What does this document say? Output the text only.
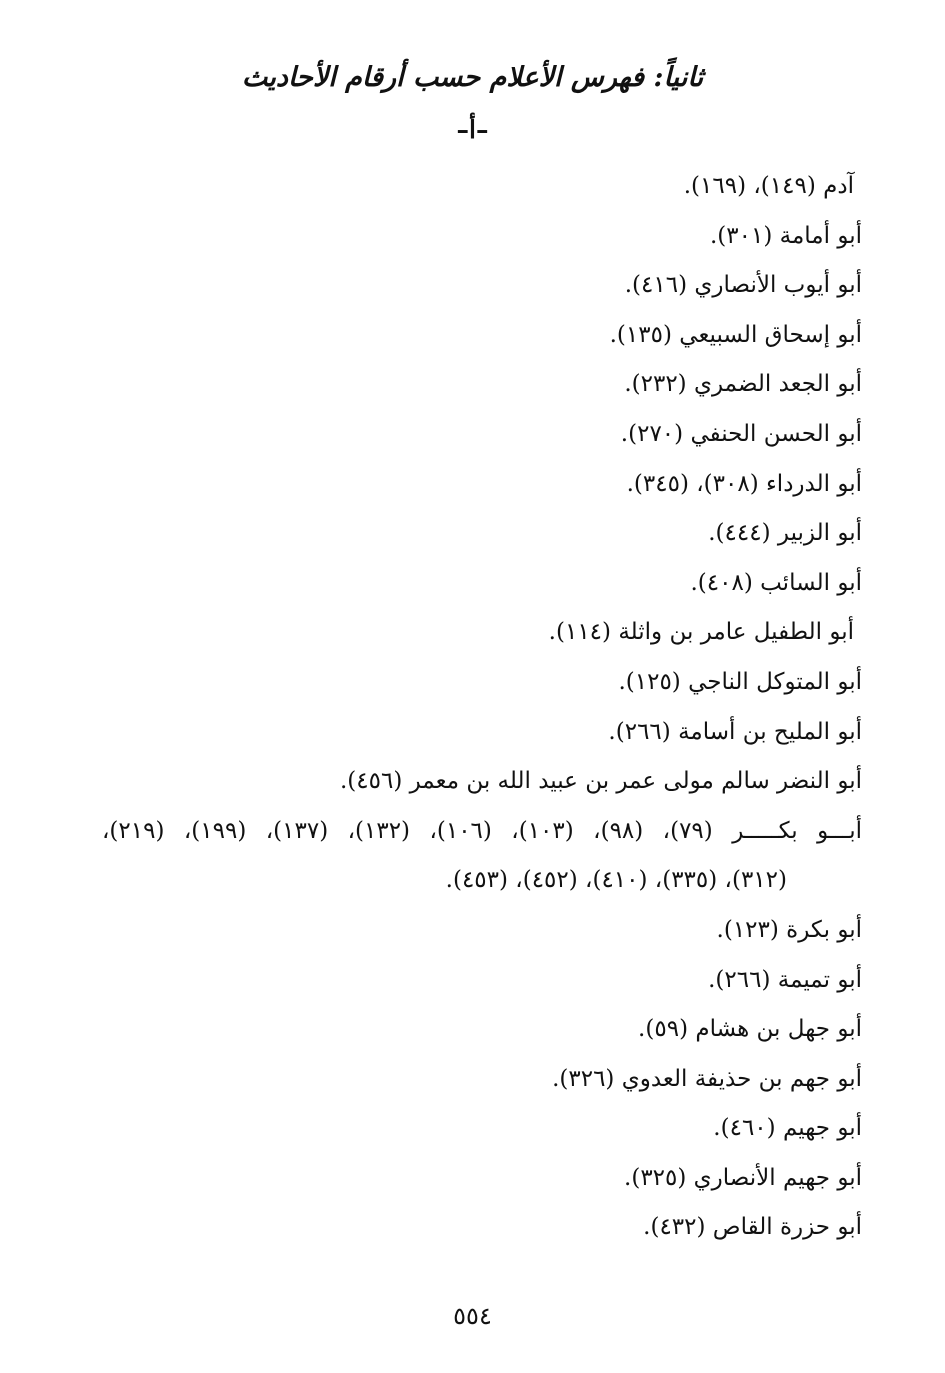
ثانياً: فهرس الأعلام حسب أرقام الأحاديث
–أ–
آدم (١٤٩)، (١٦٩).
أبو أمامة (٣٠١).
أبو أيوب الأنصاري (٤١٦).
أبو إسحاق السبيعي (١٣٥).
أبو الجعد الضمري (٢٣٢).
أبو الحسن الحنفي (٢٧٠).
أبو الدرداء (٣٠٨)، (٣٤٥).
أبو الزبير (٤٤٤).
أبو السائب (٤٠٨).
أبو الطفيل عامر بن واثلة (١١٤).
أبو المتوكل الناجي (١٢٥).
أبو المليح بن أسامة (٢٦٦).
أبو النضر سالم مولى عمر بن عبيد الله بن معمر (٤٥٦).
أبـــو بكـــــر (٧٩)، (٩٨)، (١٠٣)، (١٠٦)، (١٣٢)، (١٣٧)، (١٩٩)، (٢١٩)،
(٣١٢)، (٣٣٥)، (٤١٠)، (٤٥٢)، (٤٥٣).
أبو بكرة (١٢٣).
أبو تميمة (٢٦٦).
أبو جهل بن هشام (٥٩).
أبو جهم بن حذيفة العدوي (٣٢٦).
أبو جهيم (٤٦٠).
أبو جهيم الأنصاري (٣٢٥).
أبو حزرة القاص (٤٣٢).
٥٥٤
